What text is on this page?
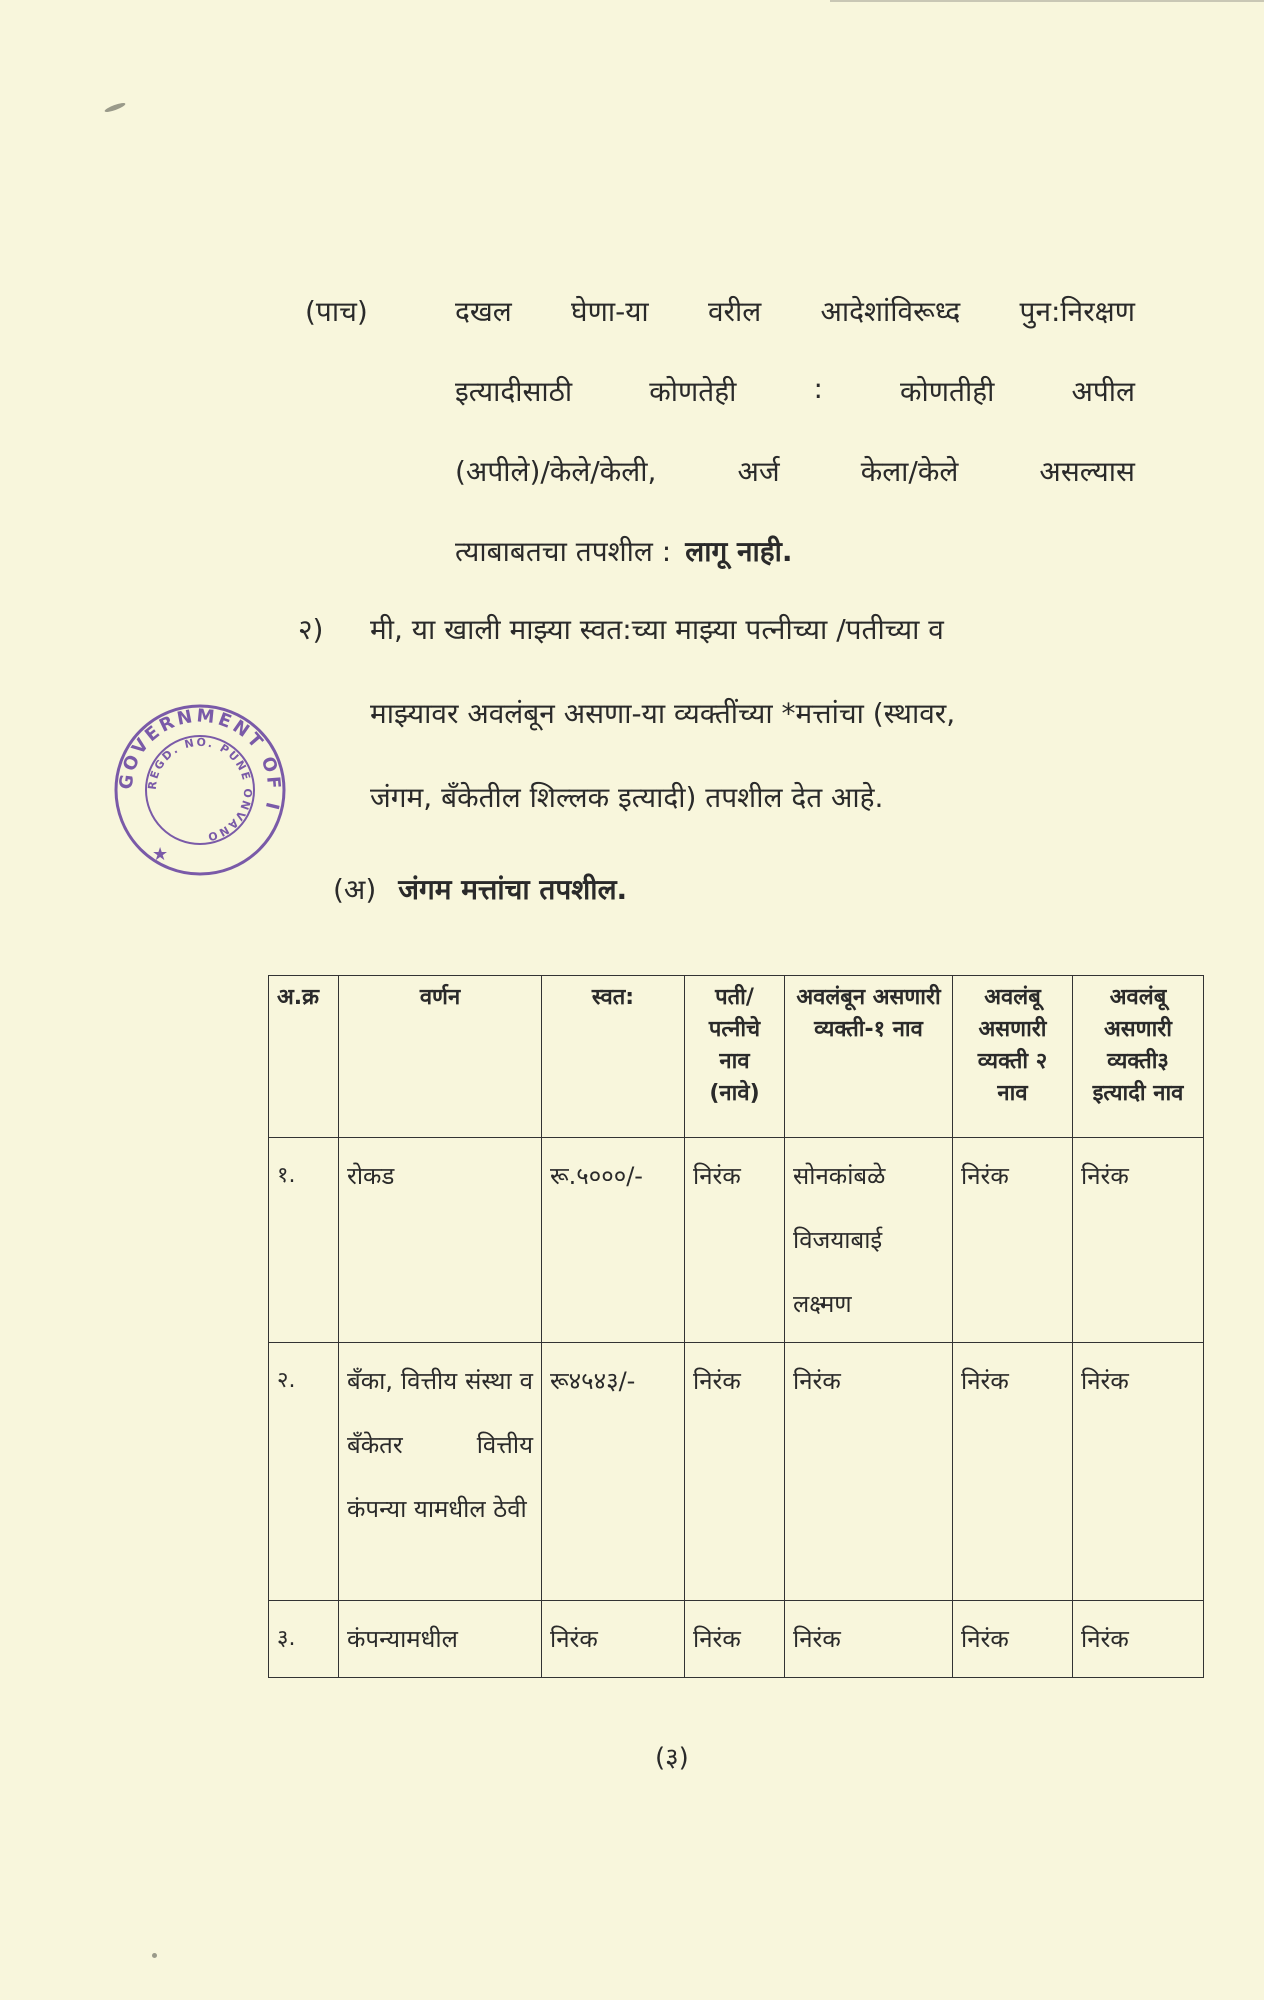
(पाच)	दखल घेणा-या वरील आदेशांविरूध्द पुन:निरक्षण
इत्यादीसाठी	कोणतेही	:	कोणतीही	अपील
(अपीले)/केले/केली,	अर्ज	केला/केले	असल्यास
त्याबाबतचा तपशील : लागू नाही.
२) मी, या खाली माझ्या स्वत:च्या माझ्या पत्नीच्या /पतीच्या व
माझ्यावर अवलंबून असणा-या व्यक्तींच्या *मत्तांचा (स्थावर,
जंगम, बॅंकेतील शिल्लक इत्यादी) तपशील देत आहे.
GOVERNMENT OF I
REGD. NO. PUNE ONVANO
★
(अ) जंगम मत्तांचा तपशील.
अ.क्र	वर्णन	स्वत:	पती/ पत्नीचे नाव (नावे)	अवलंबून असणारी व्यक्ती-१ नाव	अवलंबू असणारी व्यक्ती २ नाव	अवलंबू असणारी व्यक्ती३ इत्यादी नाव
१.	रोकड	रू.५०००/-	निरंक	सोनकांबळे विजयाबाई लक्ष्मण	निरंक	निरंक
२.	बँका, वित्तीय संस्था व बँकेतर वित्तीय कंपन्या यामधील ठेवी	रू४५४३/-	निरंक	निरंक	निरंक	निरंक
३.	कंपन्यामधील	निरंक	निरंक	निरंक	निरंक	निरंक
(३)
